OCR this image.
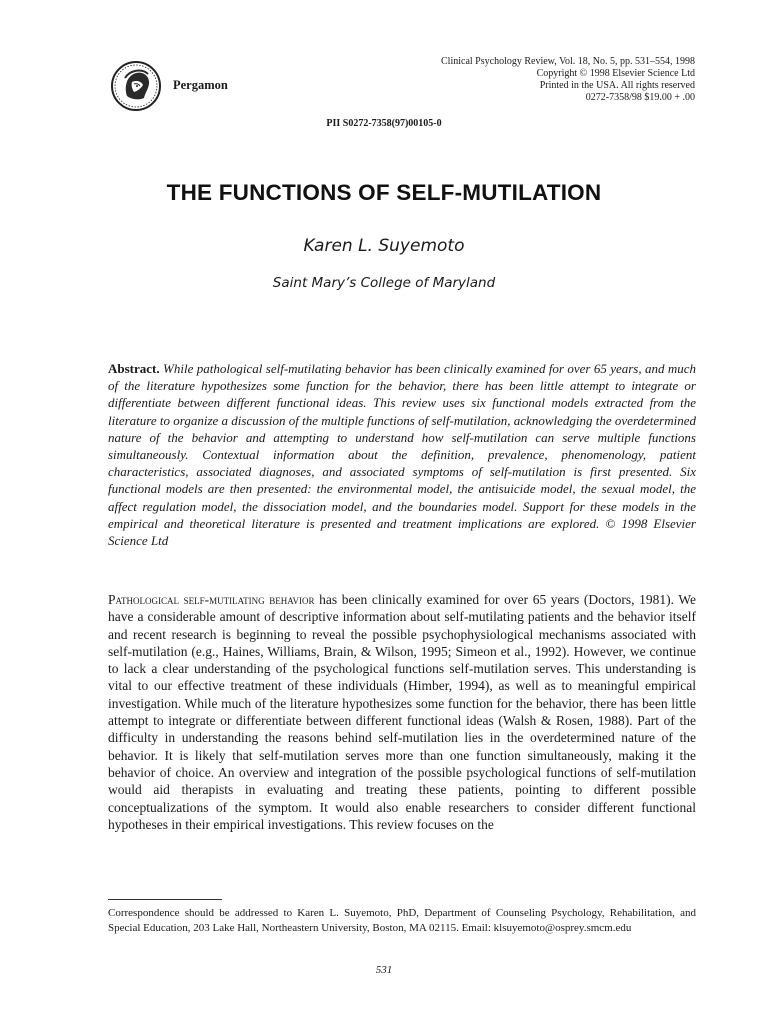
Pergamon
Clinical Psychology Review, Vol. 18, No. 5, pp. 531–554, 1998
Copyright © 1998 Elsevier Science Ltd
Printed in the USA. All rights reserved
0272-7358/98 $19.00 + .00
PII S0272-7358(97)00105-0
THE FUNCTIONS OF SELF-MUTILATION
Karen L. Suyemoto
Saint Mary’s College of Maryland
Abstract. While pathological self-mutilating behavior has been clinically examined for over 65 years, and much of the literature hypothesizes some function for the behavior, there has been little attempt to integrate or differentiate between different functional ideas. This review uses six functional models extracted from the literature to organize a discussion of the multiple functions of self-mutilation, acknowledging the overdetermined nature of the behavior and attempting to understand how self-mutilation can serve multiple functions simultaneously. Contextual information about the definition, prevalence, phenomenology, patient characteristics, associated diagnoses, and associated symptoms of self-mutilation is first presented. Six functional models are then presented: the environmental model, the antisuicide model, the sexual model, the affect regulation model, the dissociation model, and the boundaries model. Support for these models in the empirical and theoretical literature is presented and treatment implications are explored. © 1998 Elsevier Science Ltd
Pathological self-mutilating behavior has been clinically examined for over 65 years (Doctors, 1981). We have a considerable amount of descriptive information about self-mutilating patients and the behavior itself and recent research is beginning to reveal the possible psychophysiological mechanisms associated with self-mutilation (e.g., Haines, Williams, Brain, & Wilson, 1995; Simeon et al., 1992). However, we continue to lack a clear understanding of the psychological functions self-mutilation serves. This understanding is vital to our effective treatment of these individuals (Himber, 1994), as well as to meaningful empirical investigation. While much of the literature hypothesizes some function for the behavior, there has been little attempt to integrate or differentiate between different functional ideas (Walsh & Rosen, 1988). Part of the difficulty in understanding the reasons behind self-mutilation lies in the overdetermined nature of the behavior. It is likely that self-mutilation serves more than one function simultaneously, making it the behavior of choice. An overview and integration of the possible psychological functions of self-mutilation would aid therapists in evaluating and treating these patients, pointing to different possible conceptualizations of the symptom. It would also enable researchers to consider different functional hypotheses in their empirical investigations. This review focuses on the
Correspondence should be addressed to Karen L. Suyemoto, PhD, Department of Counseling Psychology, Rehabilitation, and Special Education, 203 Lake Hall, Northeastern University, Boston, MA 02115. Email: klsuyemoto@osprey.smcm.edu
531
